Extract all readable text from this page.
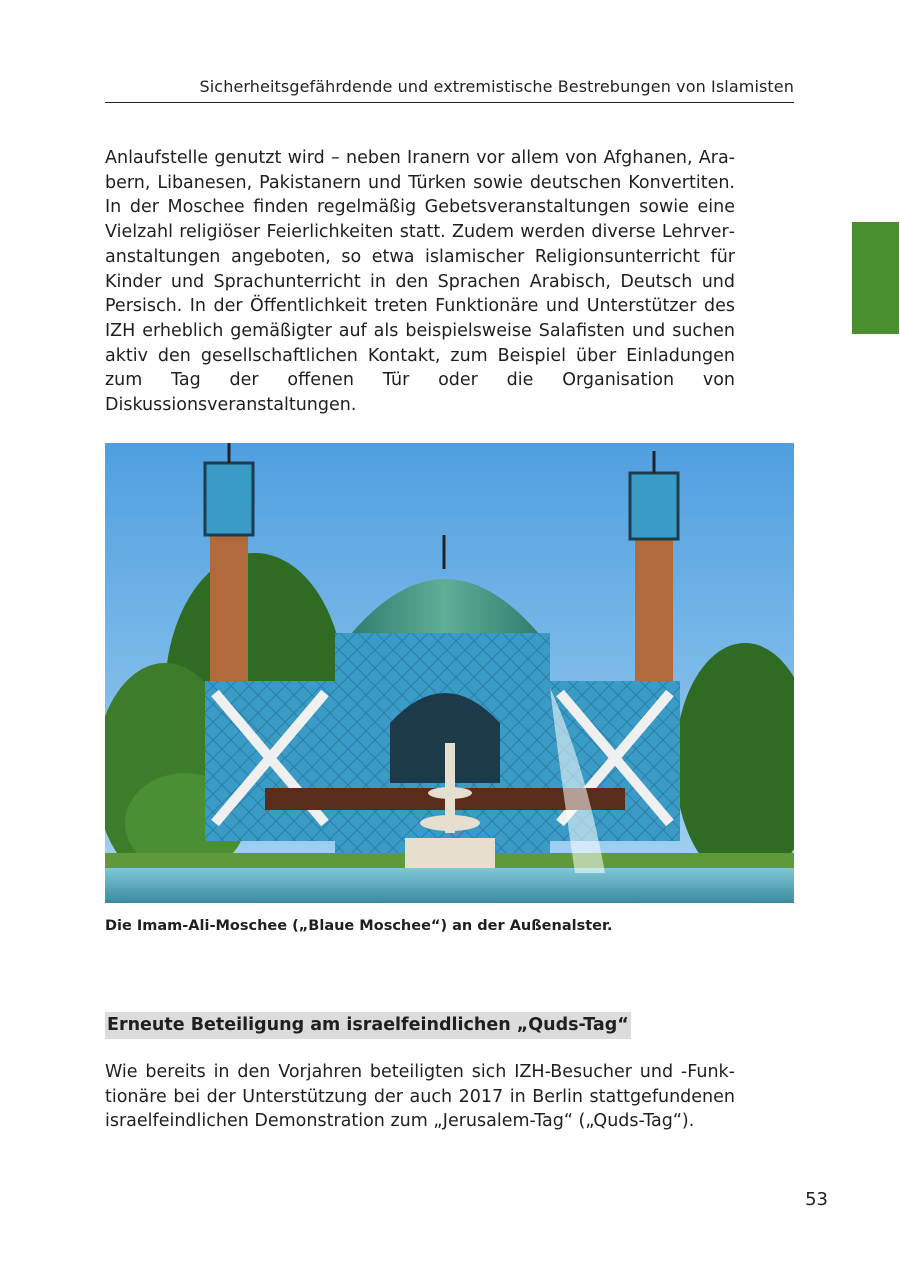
Sicherheitsgefährdende und extremistische Bestrebungen von Islamisten
Anlaufstelle genutzt wird – neben Iranern vor allem von Afghanen, Arabern, Libanesen, Pakistanern und Türken sowie deutschen Konvertiten. In der Moschee finden regelmäßig Gebetsveranstaltungen sowie eine Vielzahl religiöser Feierlichkeiten statt. Zudem werden diverse Lehrveranstaltungen angeboten, so etwa islamischer Religionsunterricht für Kinder und Sprachunterricht in den Sprachen Arabisch, Deutsch und Persisch. In der Öffentlichkeit treten Funktionäre und Unterstützer des IZH erheblich gemäßigter auf als beispielsweise Salafisten und suchen aktiv den gesellschaftlichen Kontakt, zum Beispiel über Einladungen zum Tag der offenen Tür oder die Organisation von Diskussionsveranstaltungen.
Die Imam-Ali-Moschee („Blaue Moschee“) an der Außenalster.
Erneute Beteiligung am israelfeindlichen „Quds-Tag“
Wie bereits in den Vorjahren beteiligten sich IZH-Besucher und -Funktionäre bei der Unterstützung der auch 2017 in Berlin stattgefundenen israelfeindlichen Demonstration zum „Jerusalem-Tag“ („Quds-Tag“).
53
